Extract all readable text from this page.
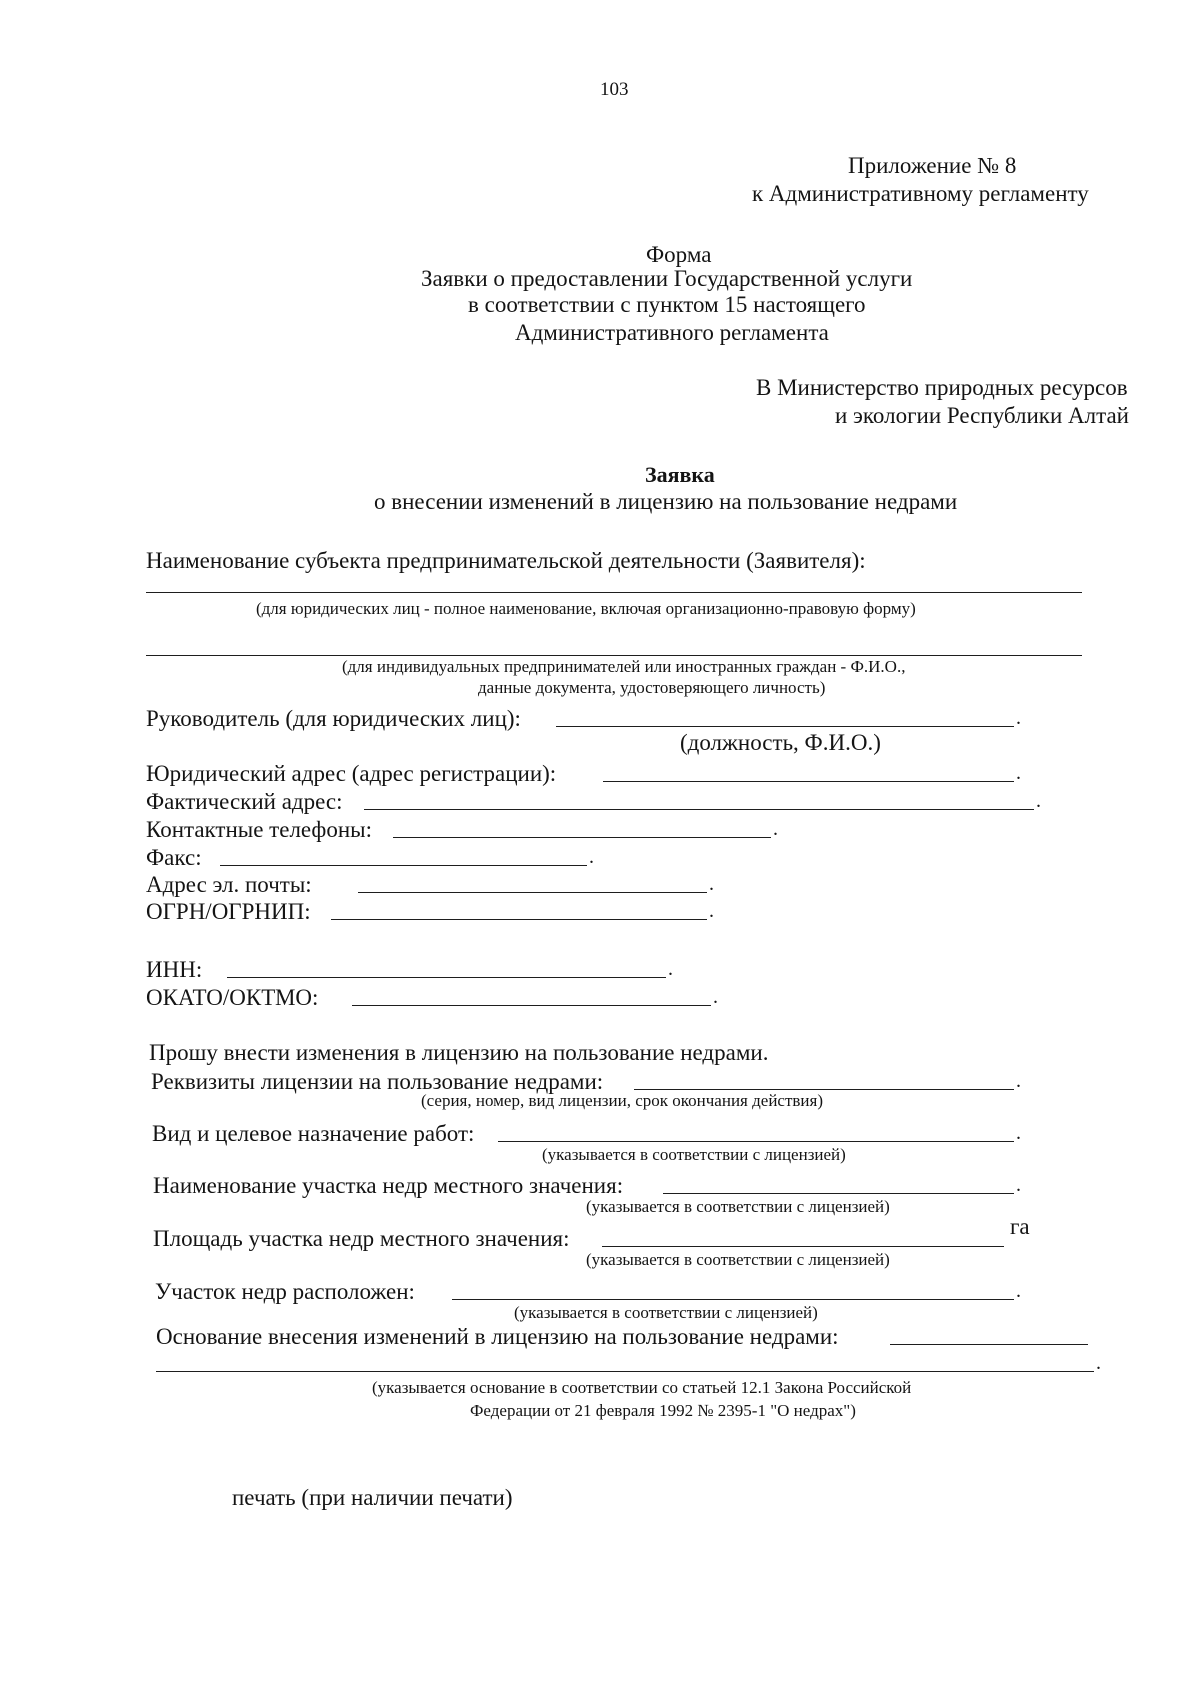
103
Приложение № 8
к Административному регламенту
Форма
Заявки о предоставлении Государственной услуги
в соответствии с пунктом 15 настоящего
Административного регламента
В Министерство природных ресурсов
и экологии Республики Алтай
Заявка
о внесении изменений в лицензию на пользование недрами
Наименование субъекта предпринимательской деятельности (Заявителя):
(для юридических лиц - полное наименование, включая организационно-правовую форму)
(для индивидуальных предпринимателей или иностранных граждан - Ф.И.О.,
данные документа, удостоверяющего личность)
Руководитель (для юридических лиц):	.
(должность, Ф.И.О.)
Юридический адрес (адрес регистрации):	.
Фактический адрес:	.
Контактные телефоны:	.
Факс:	.
Адрес эл. почты:	.
ОГРН/ОГРНИП:	.
ИНН:	.
ОКАТО/ОКТМО:	.
Прошу внести изменения в лицензию на пользование недрами.
Реквизиты лицензии на пользование недрами:	.
(серия, номер, вид лицензии, срок окончания действия)
Вид и целевое назначение работ:	.
(указывается в соответствии с лицензией)
Наименование участка недр местного значения:	.
(указывается в соответствии с лицензией)
Площадь участка недр местного значения:	га
(указывается в соответствии с лицензией)
Участок недр расположен:	.
(указывается в соответствии с лицензией)
Основание внесения изменений в лицензию на пользование недрами:
.
(указывается основание в соответствии со статьей 12.1 Закона Российской
Федерации от 21 февраля 1992 № 2395-1 "О недрах")
печать (при наличии печати)
